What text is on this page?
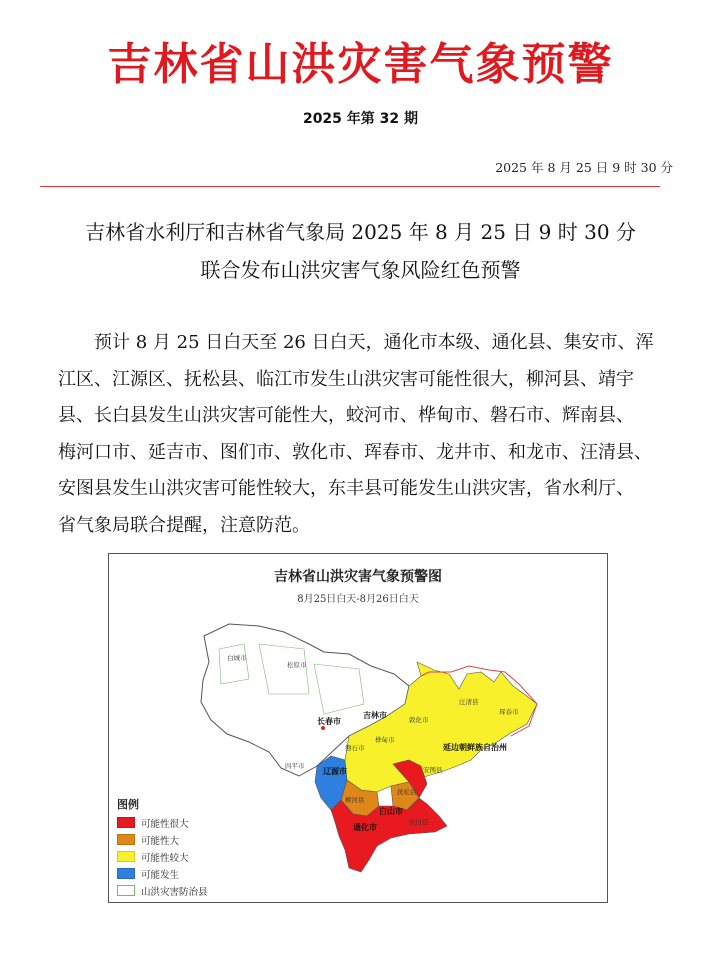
吉林省山洪灾害气象预警
2025 年第 32 期
2025 年 8 月 25 日 9 时 30 分
吉林省水利厅和吉林省气象局 2025 年 8 月 25 日 9 时 30 分
联合发布山洪灾害气象风险红色预警
预计 8 月 25 日白天至 26 日白天，通化市本级、通化县、集安市、浑
江区、江源区、抚松县、临江市发生山洪灾害可能性很大，柳河县、靖宇
县、长白县发生山洪灾害可能性大，蛟河市、桦甸市、磐石市、辉南县、
梅河口市、延吉市、图们市、敦化市、珲春市、龙井市、和龙市、汪清县、
安图县发生山洪灾害可能性较大，东丰县可能发生山洪灾害，省水利厅、
省气象局联合提醒，注意防范。
吉林省山洪灾害气象预警图
8月25日白天-8月26日白天
白城市
松原市
长春市
吉林市
四平市
辽源市
白山市
通化市
延边朝鲜族自治州
敦化市
汪清县
珲春市
桦甸市
磐石市
安图县
柳河县
抚松县
长白县
图例
可能性很大
可能性大
可能性较大
可能发生
山洪灾害防治县
